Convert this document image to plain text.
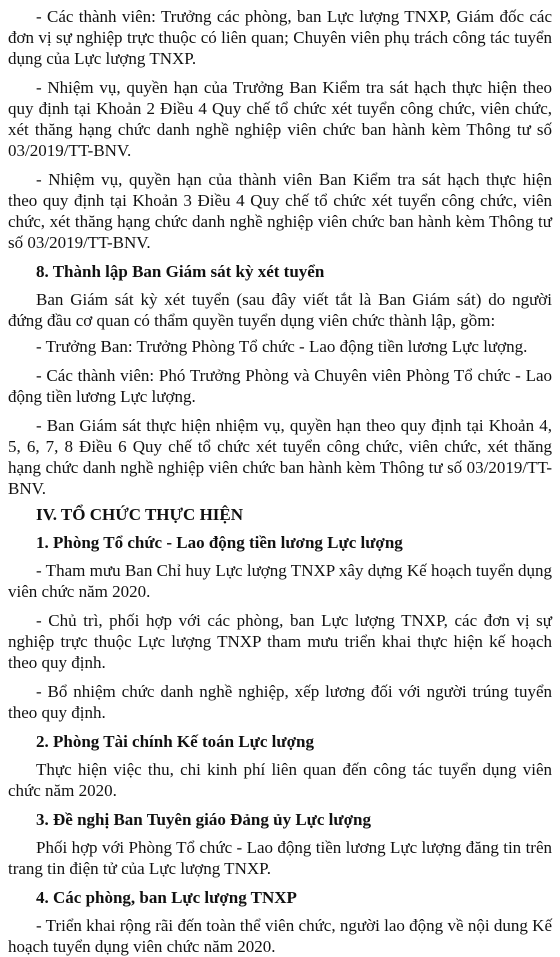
- Các thành viên: Trưởng các phòng, ban Lực lượng TNXP, Giám đốc các đơn vị sự nghiệp trực thuộc có liên quan; Chuyên viên phụ trách công tác tuyển dụng của Lực lượng TNXP.

- Nhiệm vụ, quyền hạn của Trưởng Ban Kiểm tra sát hạch thực hiện theo quy định tại Khoản 2 Điều 4 Quy chế tổ chức xét tuyển công chức, viên chức, xét thăng hạng chức danh nghề nghiệp viên chức ban hành kèm Thông tư số 03/2019/TT-BNV.

- Nhiệm vụ, quyền hạn của thành viên Ban Kiểm tra sát hạch thực hiện theo quy định tại Khoản 3 Điều 4 Quy chế tổ chức xét tuyển công chức, viên chức, xét thăng hạng chức danh nghề nghiệp viên chức ban hành kèm Thông tư số 03/2019/TT-BNV.

8. Thành lập Ban Giám sát kỳ xét tuyển

Ban Giám sát kỳ xét tuyển (sau đây viết tắt là Ban Giám sát) do người đứng đầu cơ quan có thẩm quyền tuyển dụng viên chức thành lập, gồm:

- Trưởng Ban: Trưởng Phòng Tổ chức - Lao động tiền lương Lực lượng.

- Các thành viên: Phó Trưởng Phòng và Chuyên viên Phòng Tổ chức - Lao động tiền lương Lực lượng.

- Ban Giám sát thực hiện nhiệm vụ, quyền hạn theo quy định tại Khoản 4, 5, 6, 7, 8 Điều 6 Quy chế tổ chức xét tuyển công chức, viên chức, xét thăng hạng chức danh nghề nghiệp viên chức ban hành kèm Thông tư số 03/2019/TT-BNV.

IV. TỔ CHỨC THỰC HIỆN
1. Phòng Tổ chức - Lao động tiền lương Lực lượng

- Tham mưu Ban Chỉ huy Lực lượng TNXP xây dựng Kế hoạch tuyển dụng viên chức năm 2020.

- Chủ trì, phối hợp với các phòng, ban Lực lượng TNXP, các đơn vị sự nghiệp trực thuộc Lực lượng TNXP tham mưu triển khai thực hiện kế hoạch theo quy định.

- Bổ nhiệm chức danh nghề nghiệp, xếp lương đối với người trúng tuyển theo quy định.

2. Phòng Tài chính Kế toán Lực lượng

Thực hiện việc thu, chi kinh phí liên quan đến công tác tuyển dụng viên chức năm 2020.

3. Đề nghị Ban Tuyên giáo Đảng ủy Lực lượng

Phối hợp với Phòng Tổ chức - Lao động tiền lương Lực lượng đăng tin trên trang tin điện tử của Lực lượng TNXP.

4. Các phòng, ban Lực lượng TNXP

- Triển khai rộng rãi đến toàn thể viên chức, người lao động về nội dung Kế hoạch tuyển dụng viên chức năm 2020.
